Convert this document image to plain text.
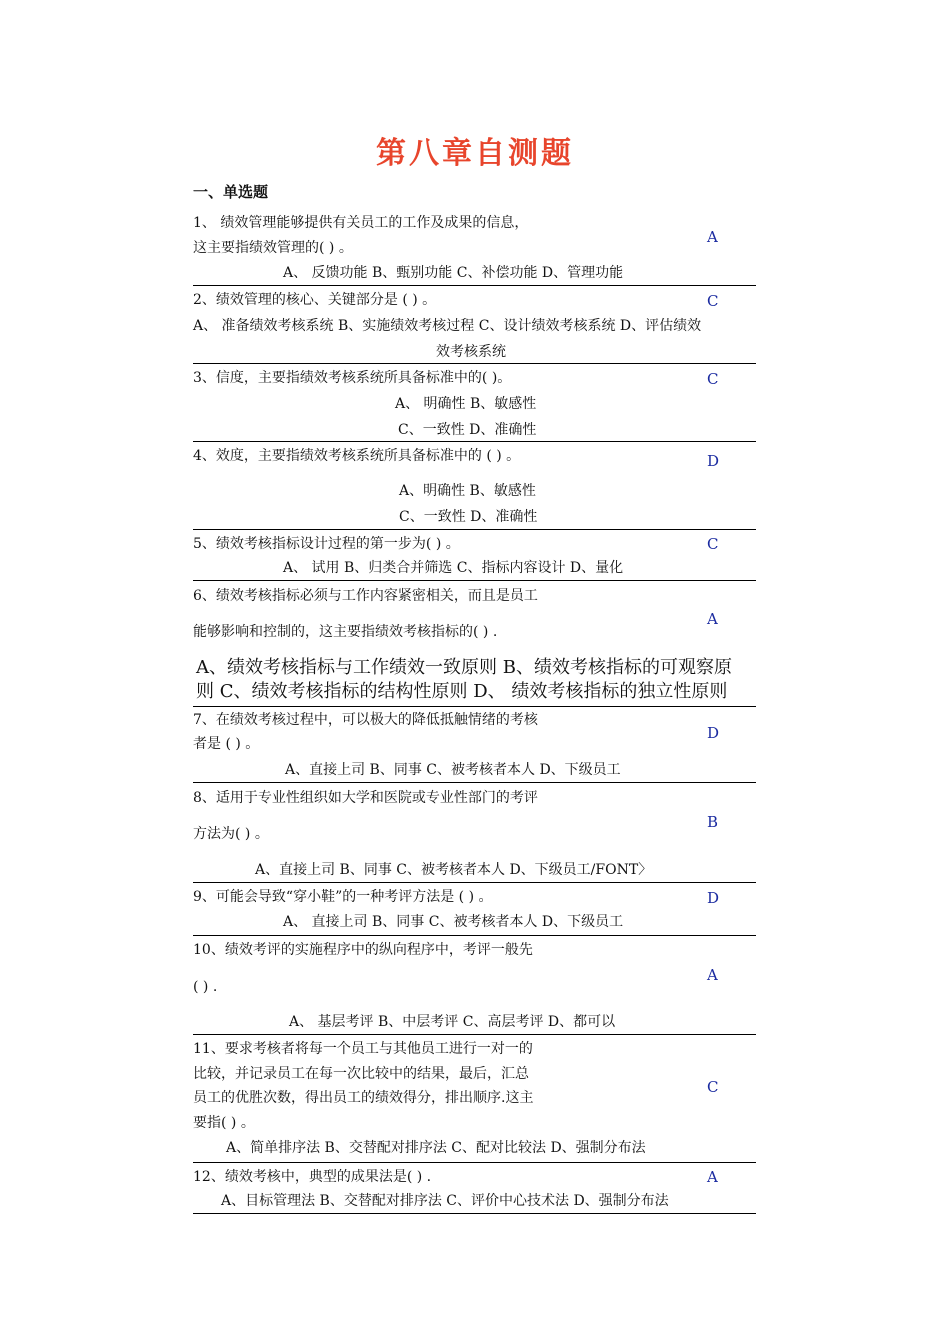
第八章自测题
一、单选题
1、 绩效管理能够提供有关员工的工作及成果的信息，
这主要指绩效管理的( ) 。
A、 反馈功能 B、甄别功能 C、补偿功能 D、管理功能
A
2、绩效管理的核心、关键部分是 ( ) 。
A、 准备绩效考核系统 B、实施绩效考核过程 C、设计绩效考核系统 D、评估绩效
效考核系统
C
3、信度，主要指绩效考核系统所具备标准中的( )。
A、 明确性 B、敏感性
C、一致性 D、准确性
C
4、效度，主要指绩效考核系统所具备标准中的 ( ) 。
A、明确性 B、敏感性
C、一致性 D、准确性
D
5、绩效考核指标设计过程的第一步为( ) 。
A、 试用 B、归类合并筛选 C、指标内容设计 D、量化
C
6、绩效考核指标必须与工作内容紧密相关，而且是员工
能够影响和控制的，这主要指绩效考核指标的( ) .
A、绩效考核指标与工作绩效一致原则 B、绩效考核指标的可观察原
则 C、绩效考核指标的结构性原则 D、 绩效考核指标的独立性原则
A
7、在绩效考核过程中，可以极大的降低抵触情绪的考核
者是 ( ) 。
A、直接上司 B、同事 C、被考核者本人 D、下级员工
D
8、适用于专业性组织如大学和医院或专业性部门的考评
方法为( ) 。
A、直接上司 B、同事 C、被考核者本人 D、下级员工/FONT〉
B
9、可能会导致“穿小鞋”的一种考评方法是 ( ) 。
A、 直接上司 B、同事 C、被考核者本人 D、下级员工
D
10、绩效考评的实施程序中的纵向程序中，考评一般先
( ) .
A、 基层考评 B、中层考评 C、高层考评 D、都可以
A
11、要求考核者将每一个员工与其他员工进行一对一的
比较，并记录员工在每一次比较中的结果，最后，汇总
员工的优胜次数，得出员工的绩效得分，排出顺序.这主
要指( ) 。
A、简单排序法 B、交替配对排序法 C、配对比较法 D、强制分布法
C
12、绩效考核中，典型的成果法是( ) .
A、目标管理法 B、交替配对排序法 C、评价中心技术法 D、强制分布法
A
